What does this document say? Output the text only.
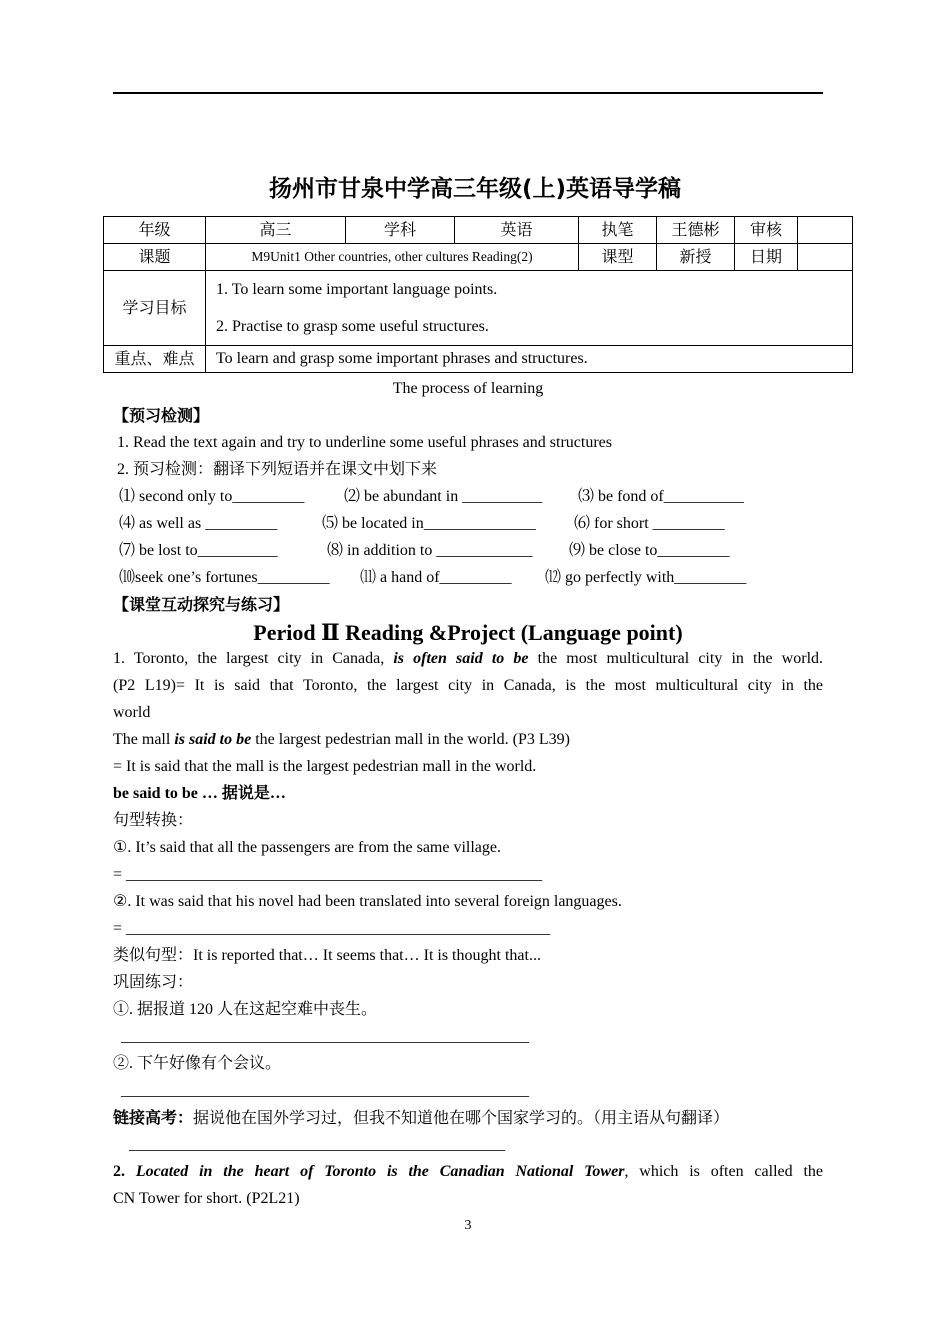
扬州市甘泉中学高三年级(上)英语导学稿
年级	高三	学科	英语	执笔	王德彬	审核	
课题	M9Unit1 Other countries, other cultures Reading(2)			课型	新授	日期	
学习目标	1. To learn some important language points.
2. Practise to grasp some useful structures.						

重点、难点	To learn and grasp some important phrases and structures.						
The process of learning
【预习检测】
1. Read the text again and try to underline some useful phrases and structures
2. 预习检测：翻译下列短语并在课文中划下来
⑴ second only to_________ ⑵ be abundant in __________ ⑶ be fond of__________
⑷ as well as _________	⑸ be located in______________ ⑹ for short _________
⑺ be lost to__________	⑻ in addition to ____________ ⑼ be close to_________
⑽seek one’s fortunes_________ ⑾ a hand of_________ ⑿ go perfectly with_________
【课堂互动探究与练习】
Period Ⅱ Reading &Project (Language point)
1. Toronto, the largest city in Canada, is often said to be the most multicultural city in the world.
(P2 L19)= It is said that Toronto, the largest city in Canada, is the most multicultural city in the
world
The mall is said to be the largest pedestrian mall in the world. (P3 L39)
= It is said that the mall is the largest pedestrian mall in the world.
be said to be … 据说是…
句型转换：
①. It’s said that all the passengers are from the same village.
= ____________________________________________________
②. It was said that his novel had been translated into several foreign languages.
= _____________________________________________________
类似句型：It is reported that… It seems that… It is thought that...
巩固练习：
①. 据报道 120 人在这起空难中丧生。
___________________________________________________
②. 下午好像有个会议。
___________________________________________________
链接高考：据说他在国外学习过，但我不知道他在哪个国家学习的。（用主语从句翻译）
_______________________________________________
2. Located in the heart of Toronto is the Canadian National Tower, which is often called the
CN Tower for short. (P2L21)
3
